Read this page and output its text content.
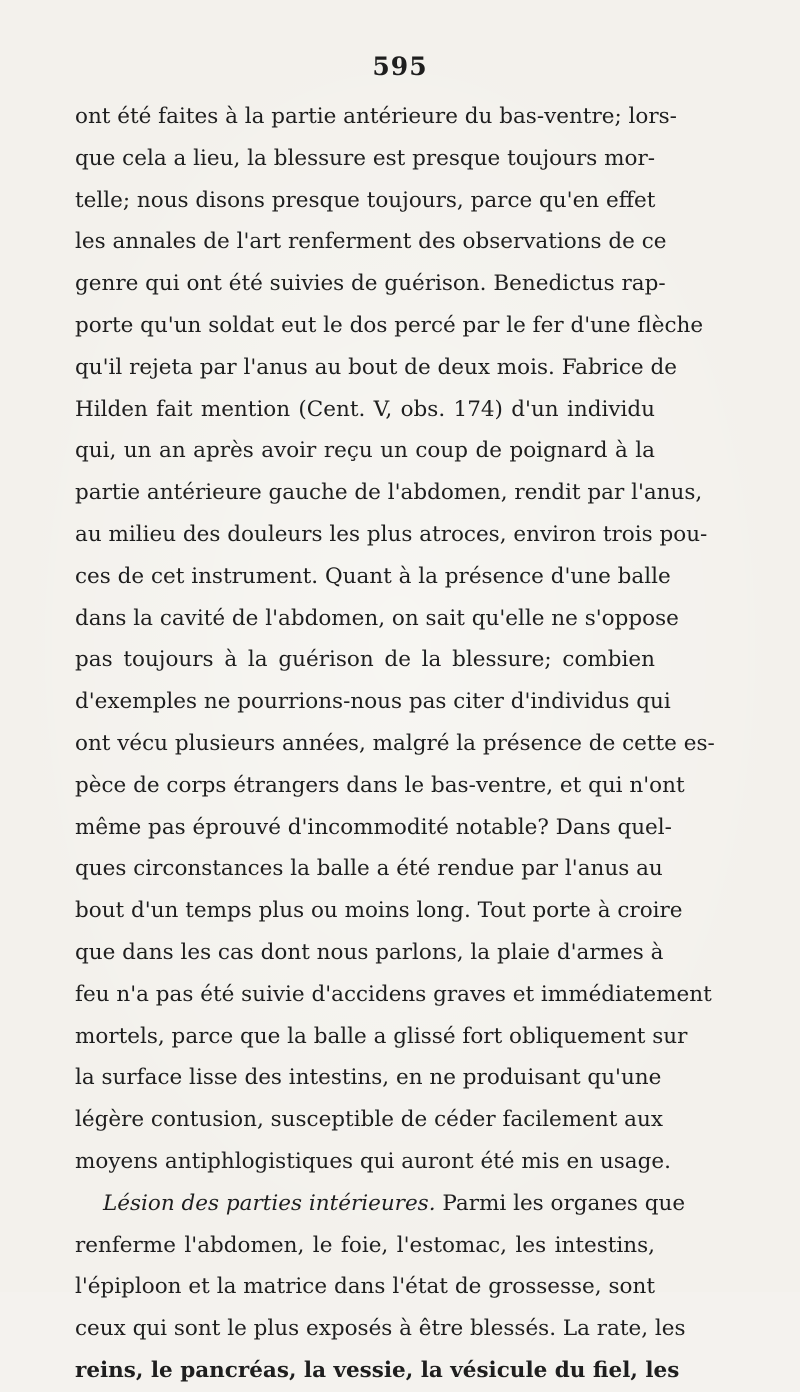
595
ont été faites à la partie antérieure du bas-ventre; lors-
que cela a lieu, la blessure est presque toujours mor-
telle; nous disons presque toujours, parce qu'en effet
les annales de l'art renferment des observations de ce
genre qui ont été suivies de guérison. Benedictus rap-
porte qu'un soldat eut le dos percé par le fer d'une flèche
qu'il rejeta par l'anus au bout de deux mois. Fabrice de
Hilden fait mention (Cent. V, obs. 174) d'un individu
qui, un an après avoir reçu un coup de poignard à la
partie antérieure gauche de l'abdomen, rendit par l'anus,
au milieu des douleurs les plus atroces, environ trois pou-
ces de cet instrument. Quant à la présence d'une balle
dans la cavité de l'abdomen, on sait qu'elle ne s'oppose
pas toujours à la guérison de la blessure; combien
d'exemples ne pourrions-nous pas citer d'individus qui
ont vécu plusieurs années, malgré la présence de cette es-
pèce de corps étrangers dans le bas-ventre, et qui n'ont
même pas éprouvé d'incommodité notable? Dans quel-
ques circonstances la balle a été rendue par l'anus au
bout d'un temps plus ou moins long. Tout porte à croire
que dans les cas dont nous parlons, la plaie d'armes à
feu n'a pas été suivie d'accidens graves et immédiatement
mortels, parce que la balle a glissé fort obliquement sur
la surface lisse des intestins, en ne produisant qu'une
légère contusion, susceptible de céder facilement aux
moyens antiphlogistiques qui auront été mis en usage.
Lésion des parties intérieures. Parmi les organes que
renferme l'abdomen, le foie, l'estomac, les intestins,
l'épiploon et la matrice dans l'état de grossesse, sont
ceux qui sont le plus exposés à être blessés. La rate, les
reins, le pancréas, la vessie, la vésicule du fiel, les
